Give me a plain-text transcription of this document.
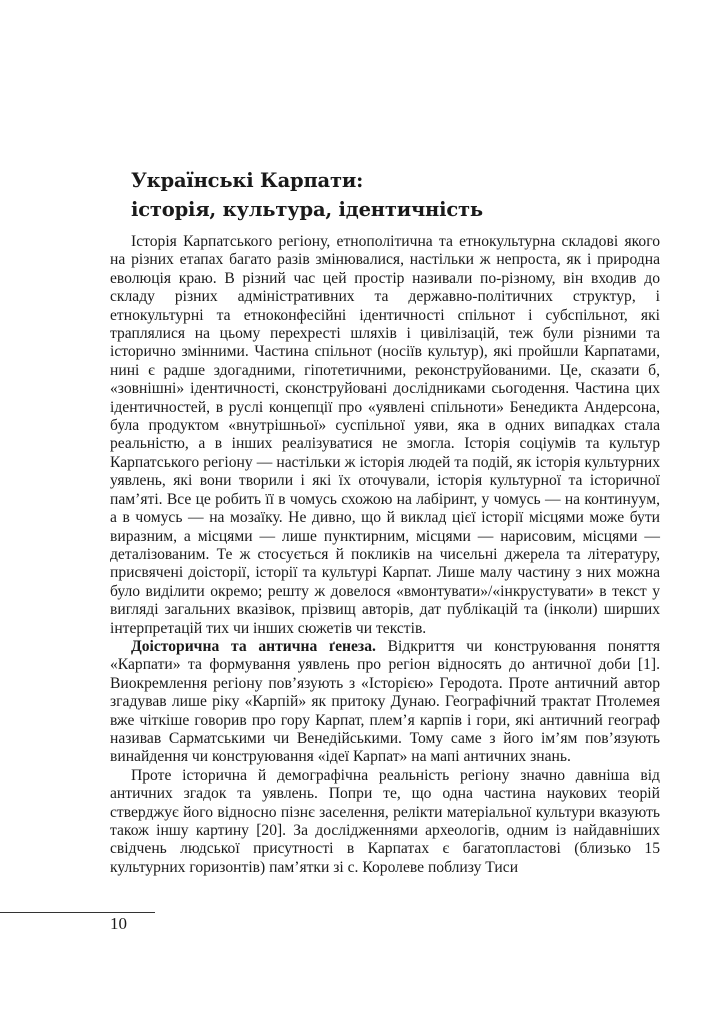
Українські Карпати:
історія, культура, ідентичність

Історія Карпатського регіону, етнополітична та етнокультурна складові якого на різних етапах багато разів змінювалися, настільки ж непроста, як і природна еволюція краю. В різний час цей простір називали по-різному, він входив до складу різних адміністративних та державно-політичних структур, і етнокультурні та етноконфесійні ідентичності спільнот і субспільнот, які траплялися на цьому перехресті шляхів і цивілізацій, теж були різними та історично змінними. Частина спільнот (носіїв культур), які пройшли Карпатами, нині є радше здогадними, гіпотетичними, реконструйованими. Це, сказати б, «зовнішні» ідентичності, сконструйовані дослідниками сьогодення. Частина цих ідентичностей, в руслі концепції про «уявлені спільноти» Бенедикта Андерсона, була продуктом «внутрішньої» суспільної уяви, яка в одних випадках стала реальністю, а в інших реалізуватися не змогла. Історія соціумів та культур Карпатського регіону — настільки ж історія людей та подій, як історія культурних уявлень, які вони творили і які їх оточували, історія культурної та історичної пам’яті. Все це робить її в чомусь схожою на лабіринт, у чомусь — на континуум, а в чомусь — на мозаїку. Не дивно, що й виклад цієї історії місцями може бути виразним, а місцями — лише пунктирним, місцями — нарисовим, місцями — деталізованим. Те ж стосується й покликів на чисельні джерела та літературу, присвячені доісторії, історії та культурі Карпат. Лише малу частину з них можна було виділити окремо; решту ж довелося «вмонтувати»/«інкрустувати» в текст у вигляді загальних вказівок, прізвищ авторів, дат публікацій та (інколи) ширших інтерпретацій тих чи інших сюжетів чи текстів.

Доісторична та антична ґенеза. Відкриття чи конструювання поняття «Карпати» та формування уявлень про регіон відносять до античної доби [1]. Виокремлення регіону пов’язують з «Історією» Геродота. Проте античний автор згадував лише ріку «Карпій» як притоку Дунаю. Географічний трактат Птолемея вже чіткіше говорив про гору Карпат, плем’я карпів і гори, які античний географ називав Сарматськими чи Венедійськими. Тому саме з його ім’ям пов’язують винайдення чи конструювання «ідеї Карпат» на мапі античних знань.

Проте історична й демографічна реальність регіону значно давніша від античних згадок та уявлень. Попри те, що одна частина наукових теорій стверджує його відносно пізнє заселення, релікти матеріальної культури вказують також іншу картину [20]. За дослідженнями археологів, одним із найдавніших свідчень людської присутності в Карпатах є багатопластові (близько 15 культурних горизонтів) пам’ятки зі с. Королеве поблизу Тиси

10
